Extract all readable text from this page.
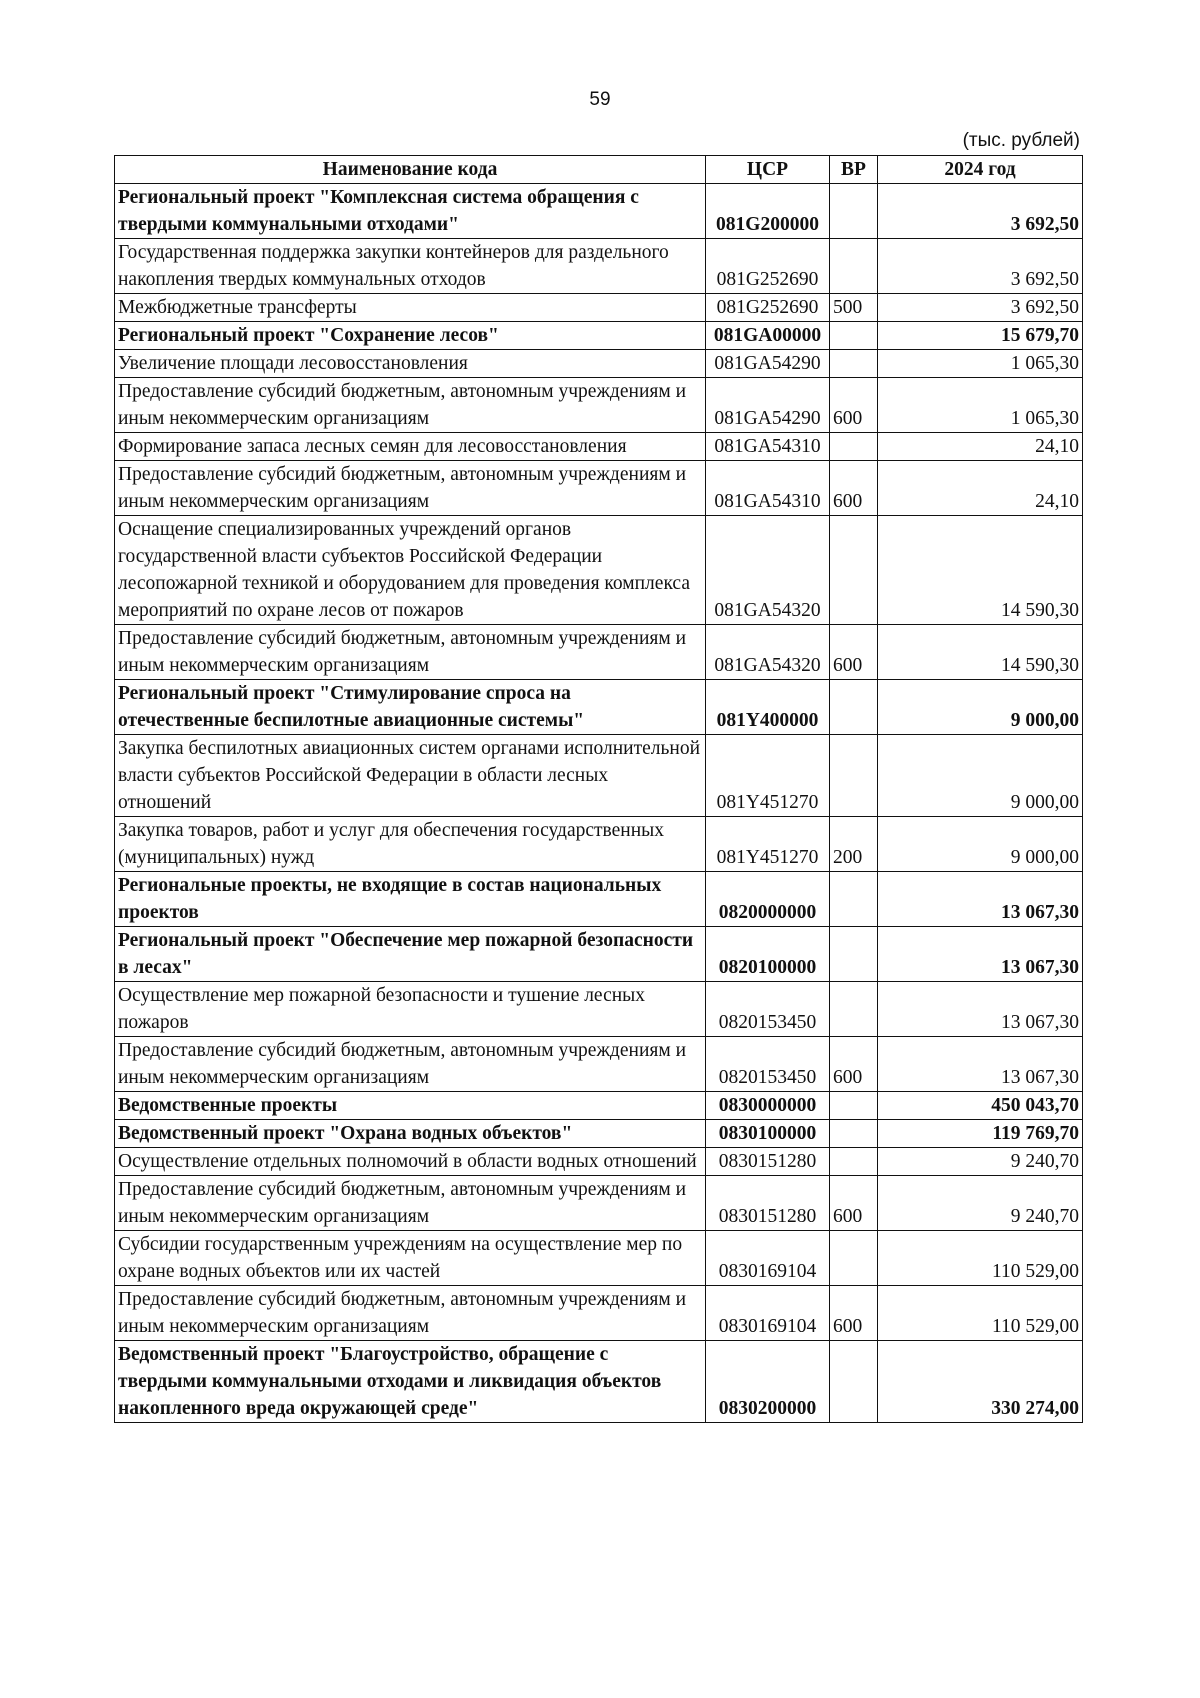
59
(тыс. рублей)
Наименование кода	ЦСР	ВР	2024 год
Региональный проект "Комплексная система обращения с твердыми коммунальными отходами"	081G200000		3 692,50
Государственная поддержка закупки контейнеров для раздельного накопления твердых коммунальных отходов	081G252690		3 692,50
Межбюджетные трансферты	081G252690	500	3 692,50
Региональный проект "Сохранение лесов"	081GA00000		15 679,70
Увеличение площади лесовосстановления	081GA54290		1 065,30
Предоставление субсидий бюджетным, автономным учреждениям и иным некоммерческим организациям	081GA54290	600	1 065,30
Формирование запаса лесных семян для лесовосстановления	081GA54310		24,10
Предоставление субсидий бюджетным, автономным учреждениям и иным некоммерческим организациям	081GA54310	600	24,10
Оснащение специализированных учреждений органов государственной власти субъектов Российской Федерации лесопожарной техникой и оборудованием для проведения комплекса мероприятий по охране лесов от пожаров	081GA54320		14 590,30
Предоставление субсидий бюджетным, автономным учреждениям и иным некоммерческим организациям	081GA54320	600	14 590,30
Региональный проект "Стимулирование спроса на отечественные беспилотные авиационные системы"	081Y400000		9 000,00
Закупка беспилотных авиационных систем органами исполнительной власти субъектов Российской Федерации в области лесных отношений	081Y451270		9 000,00
Закупка товаров, работ и услуг для обеспечения государственных (муниципальных) нужд	081Y451270	200	9 000,00
Региональные проекты, не входящие в состав национальных проектов	0820000000		13 067,30
Региональный проект "Обеспечение мер пожарной безопасности в лесах"	0820100000		13 067,30
Осуществление мер пожарной безопасности и тушение лесных пожаров	0820153450		13 067,30
Предоставление субсидий бюджетным, автономным учреждениям и иным некоммерческим организациям	0820153450	600	13 067,30
Ведомственные проекты	0830000000		450 043,70
Ведомственный проект "Охрана водных объектов"	0830100000		119 769,70
Осуществление отдельных полномочий в области водных отношений	0830151280		9 240,70
Предоставление субсидий бюджетным, автономным учреждениям и иным некоммерческим организациям	0830151280	600	9 240,70
Субсидии государственным учреждениям на осуществление мер по охране водных объектов или их частей	0830169104		110 529,00
Предоставление субсидий бюджетным, автономным учреждениям и иным некоммерческим организациям	0830169104	600	110 529,00
Ведомственный проект "Благоустройство, обращение с твердыми коммунальными отходами и ликвидация объектов накопленного вреда окружающей среде"	0830200000		330 274,00
